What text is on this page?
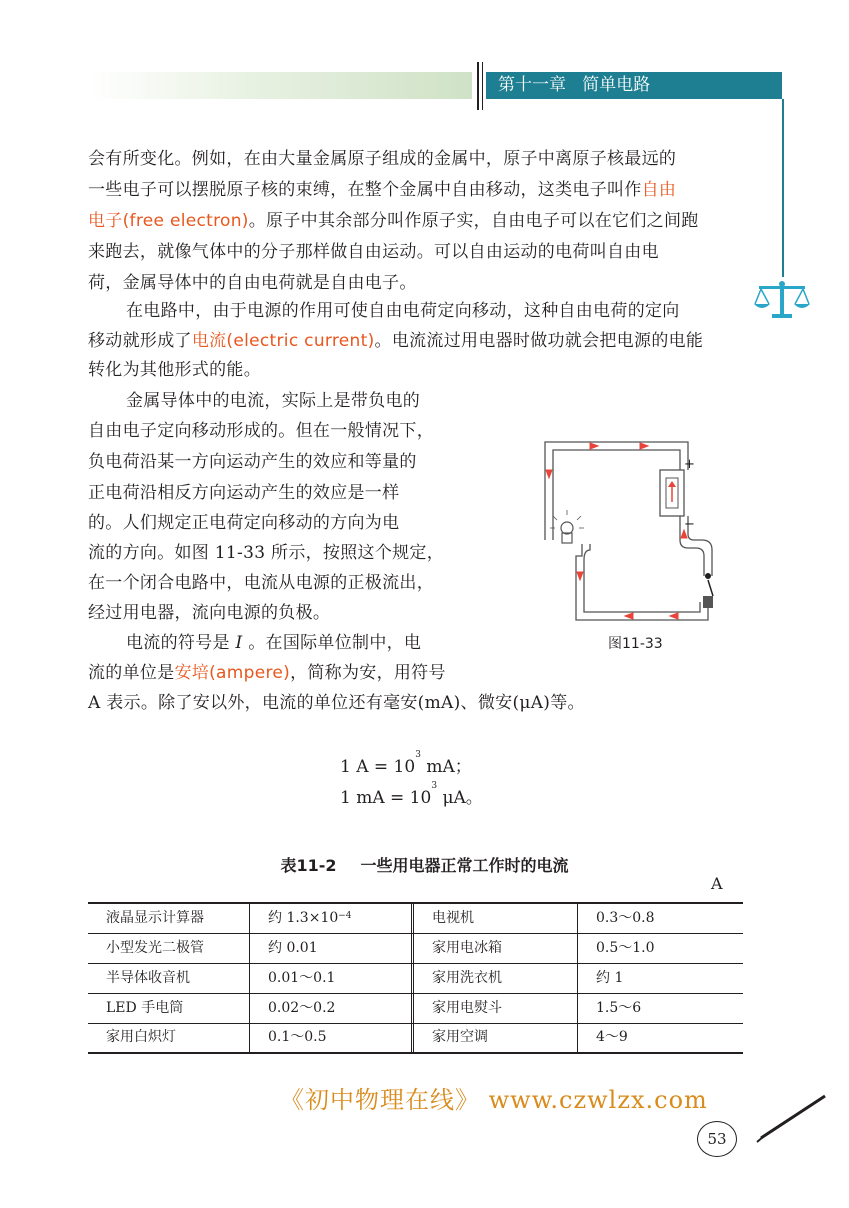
第十一章   简单电路
会有所变化。例如，在由大量金属原子组成的金属中，原子中离原子核最远的
一些电子可以摆脱原子核的束缚，在整个金属中自由移动，这类电子叫作自由
电子(free electron)。原子中其余部分叫作原子实，自由电子可以在它们之间跑
来跑去，就像气体中的分子那样做自由运动。可以自由运动的电荷叫自由电
荷，金属导体中的自由电荷就是自由电子。
在电路中，由于电源的作用可使自由电荷定向移动，这种自由电荷的定向
移动就形成了电流(electric current)。电流流过用电器时做功就会把电源的电能
转化为其他形式的能。
金属导体中的电流，实际上是带负电的
自由电子定向移动形成的。但在一般情况下，
负电荷沿某一方向运动产生的效应和等量的
正电荷沿相反方向运动产生的效应是一样
的。人们规定正电荷定向移动的方向为电
流的方向。如图 11-33 所示，按照这个规定，
在一个闭合电路中，电流从电源的正极流出，
经过用电器，流向电源的负极。
电流的符号是 I 。在国际单位制中，电
流的单位是安培(ampere)，简称为安，用符号
A 表示。除了安以外，电流的单位还有毫安(mA)、微安(μA)等。
+
−
图11-33
1 $A = 10^3$ mA；
1 mA = $10^3$ μA。
表11-2 一些用电器正常工作时的电流
A
液晶显示计算器	约 $1.3\times 10^{-4}$	电视机	0.3～0.8
小型发光二极管	约 0.01	家用电冰箱	0.5～1.0
半导体收音机	0.01～0.1	家用洗衣机	约 1
LED 手电筒	0.02～0.2	家用电熨斗	1.5～6
家用白炽灯	0.1～0.5	家用空调	4～9
《初中物理在线》 www.czwlzx.com
53
